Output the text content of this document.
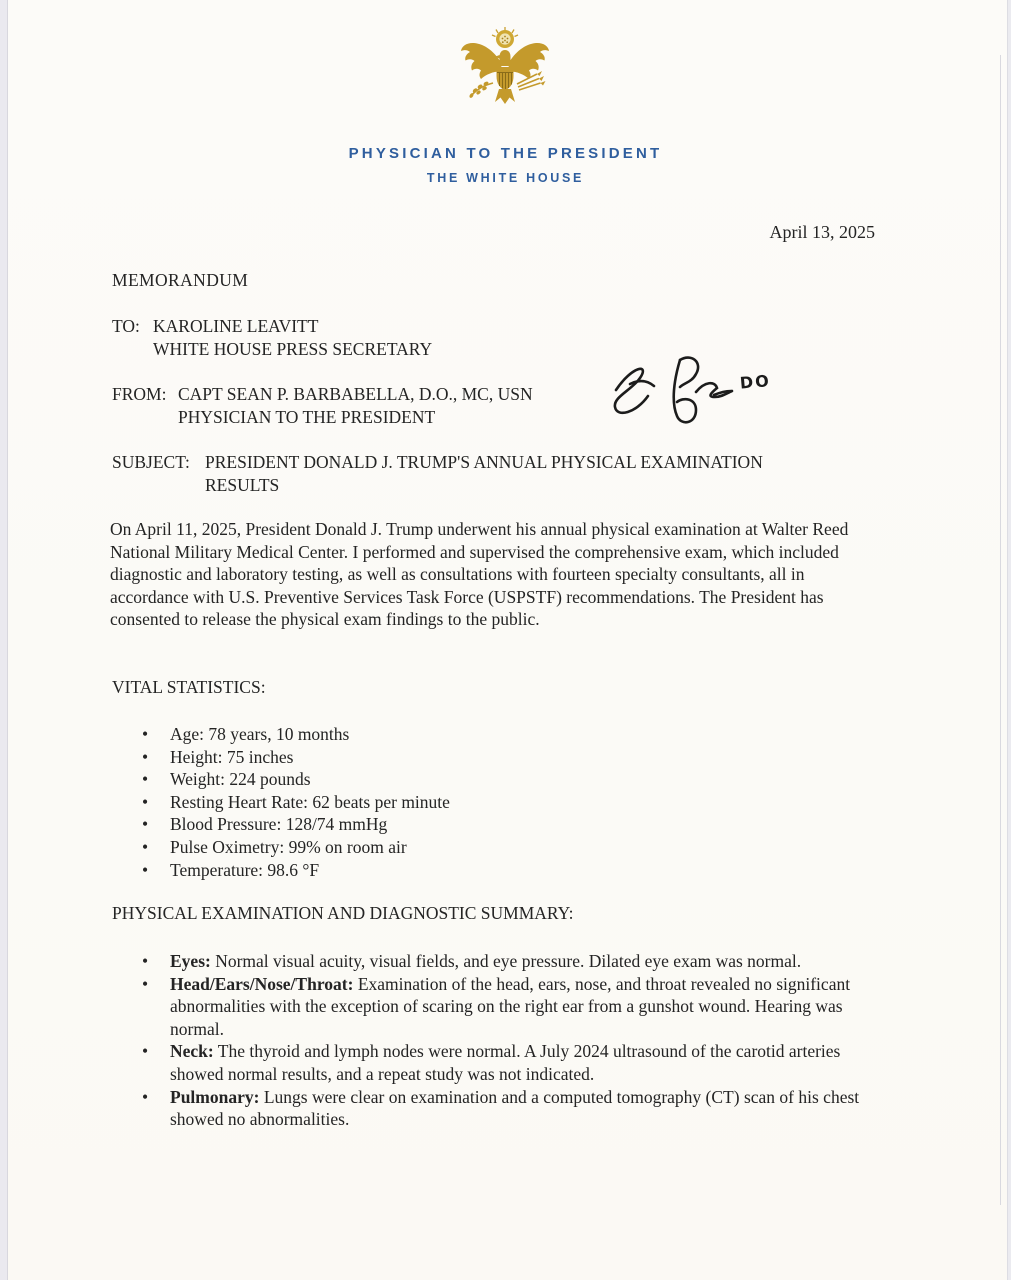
PHYSICIAN TO THE PRESIDENT
THE WHITE HOUSE
April 13, 2025
MEMORANDUM
TO: KAROLINE LEAVITT
WHITE HOUSE PRESS SECRETARY
FROM: CAPT SEAN P. BARBABELLA, D.O., MC, USN
PHYSICIAN TO THE PRESIDENT
DO
SUBJECT: PRESIDENT DONALD J. TRUMP'S ANNUAL PHYSICAL EXAMINATION
RESULTS
On April 11, 2025, President Donald J. Trump underwent his annual physical examination at Walter Reed National Military Medical Center. I performed and supervised the comprehensive exam, which included diagnostic and laboratory testing, as well as consultations with fourteen specialty consultants, all in accordance with U.S. Preventive Services Task Force (USPSTF) recommendations. The President has consented to release the physical exam findings to the public.
VITAL STATISTICS:
•	Age: 78 years, 10 months
•	Height: 75 inches
•	Weight: 224 pounds
•	Resting Heart Rate: 62 beats per minute
•	Blood Pressure: 128/74 mmHg
•	Pulse Oximetry: 99% on room air
•	Temperature: 98.6 °F
PHYSICAL EXAMINATION AND DIAGNOSTIC SUMMARY:
• Eyes: Normal visual acuity, visual fields, and eye pressure. Dilated eye exam was normal.
• Head/Ears/Nose/Throat: Examination of the head, ears, nose, and throat revealed no significant abnormalities with the exception of scaring on the right ear from a gunshot wound. Hearing was normal.
• Neck: The thyroid and lymph nodes were normal. A July 2024 ultrasound of the carotid arteries showed normal results, and a repeat study was not indicated.
• Pulmonary: Lungs were clear on examination and a computed tomography (CT) scan of his chest showed no abnormalities.
